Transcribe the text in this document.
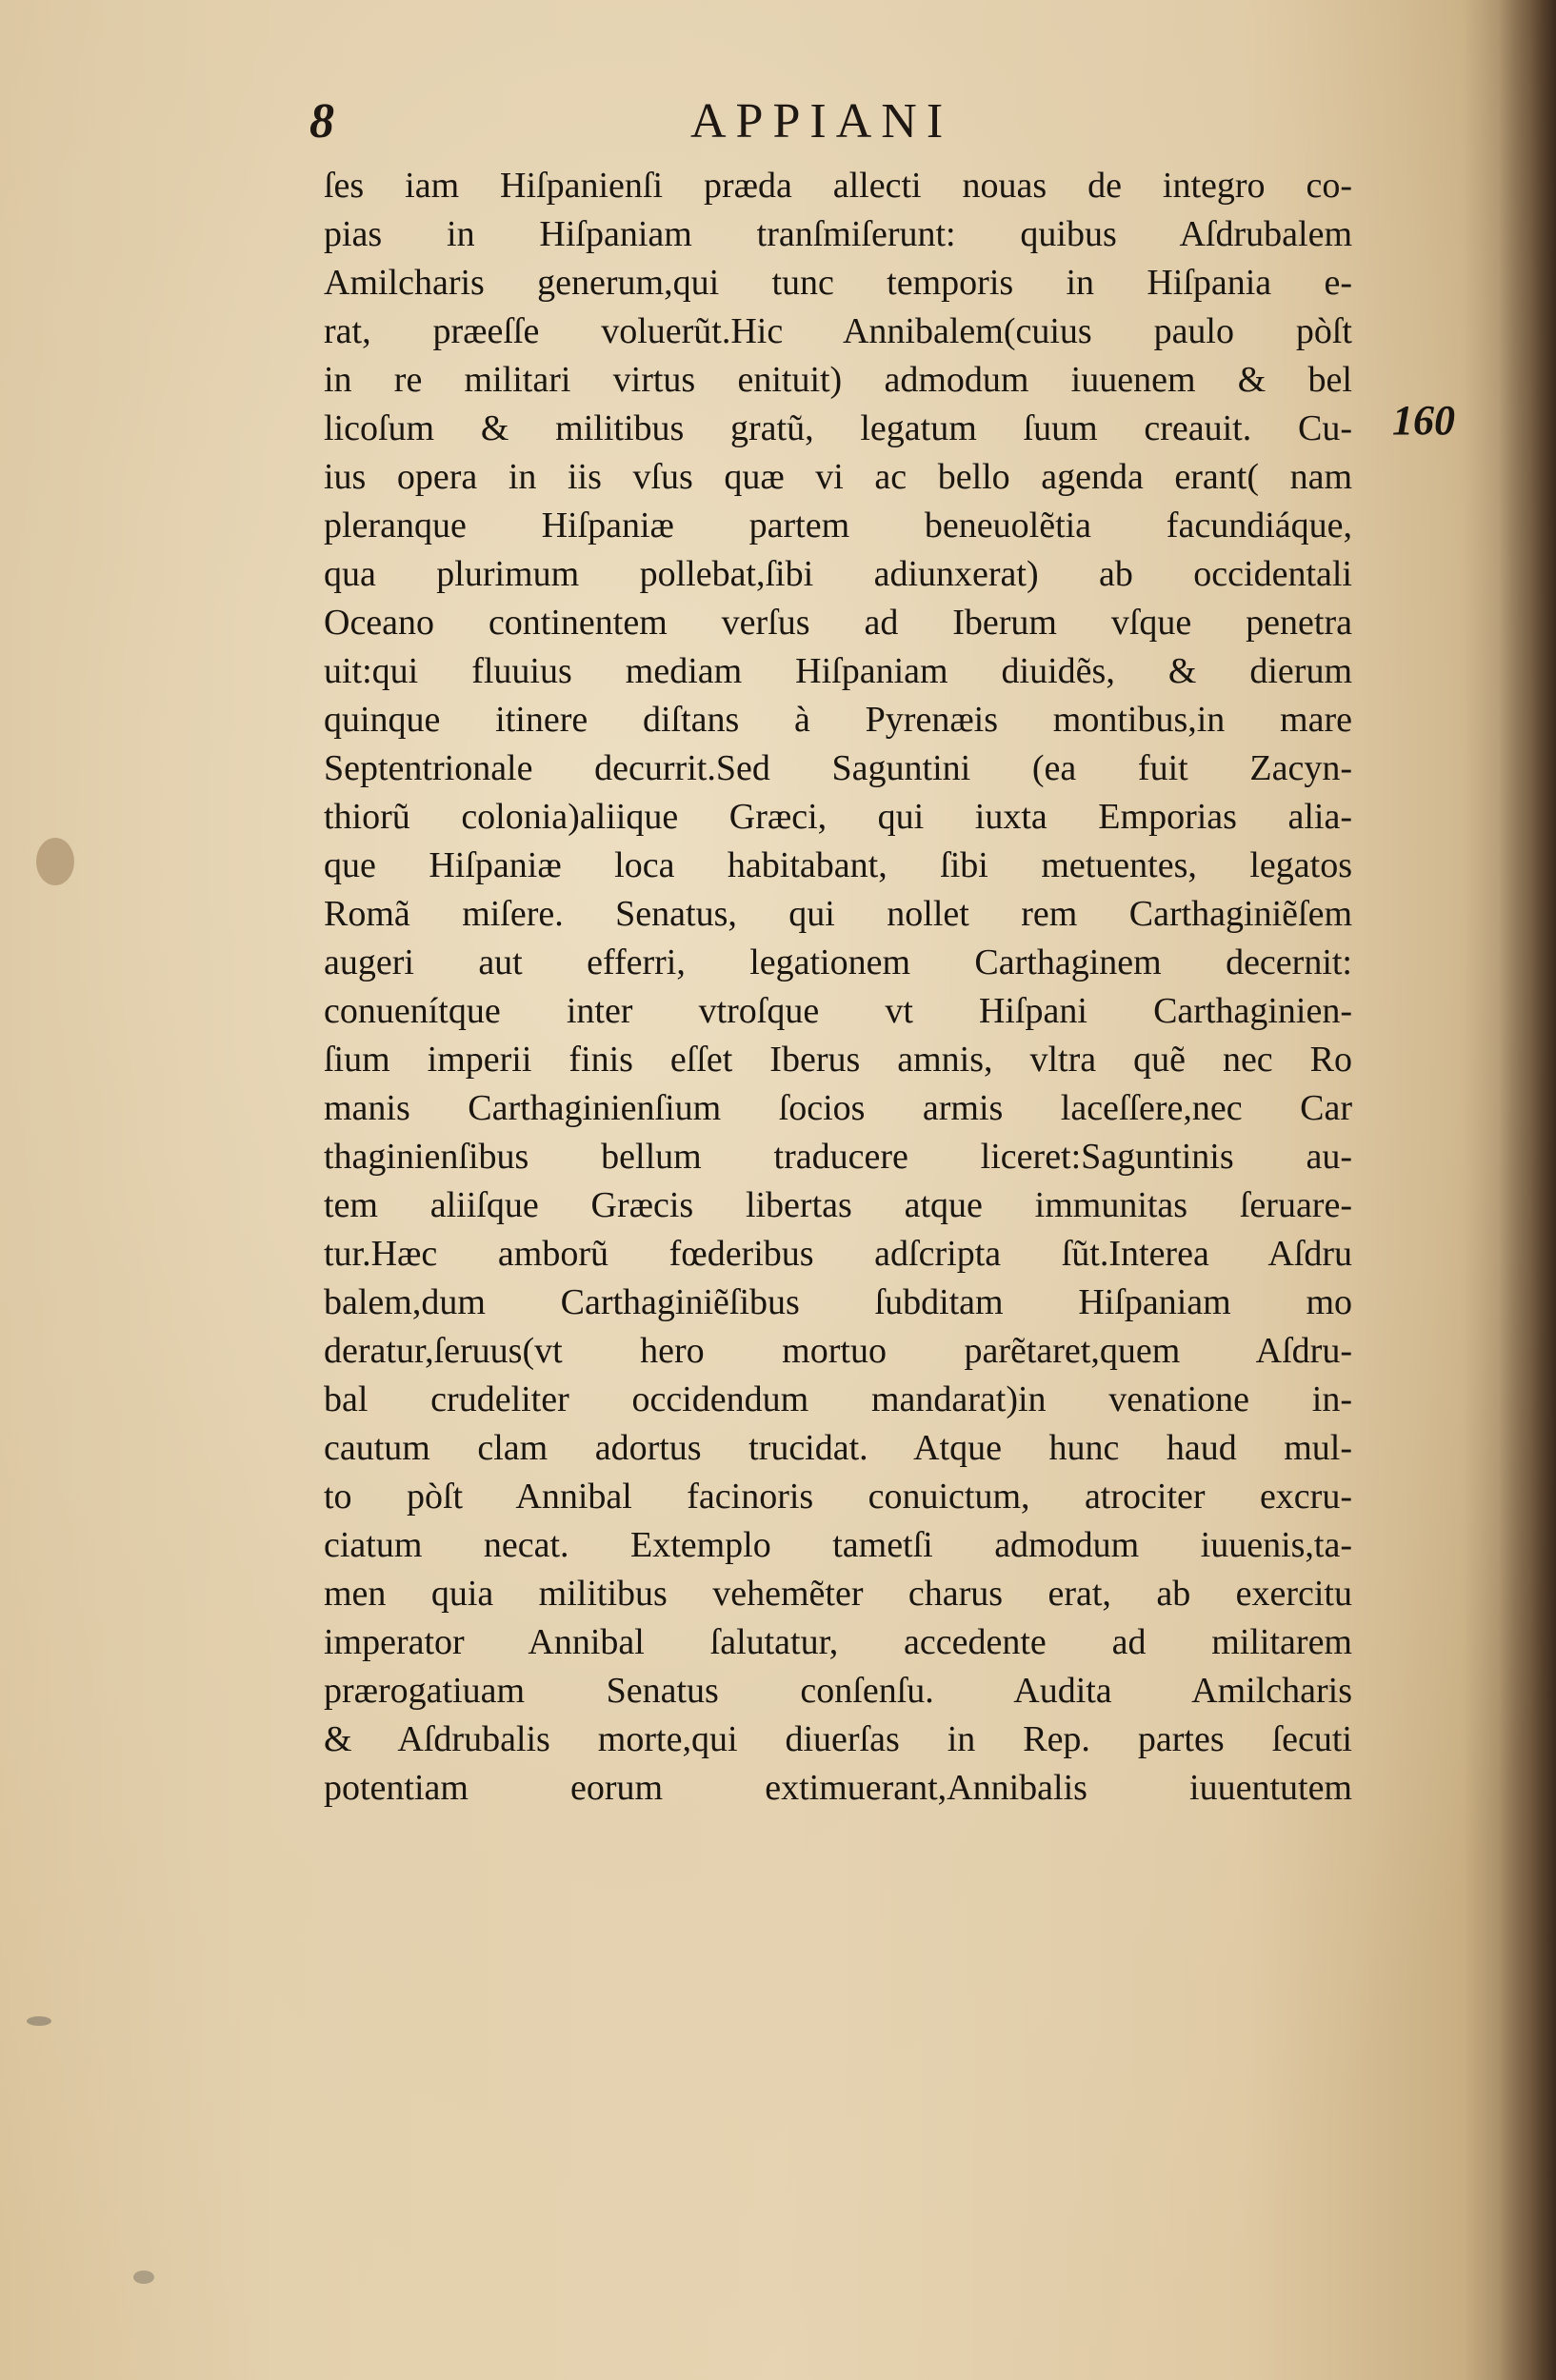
8	APPIANI
160
ſes iam Hiſpanienſi præda allecti nouas de integro co-
pias in Hiſpaniam tranſmiſerunt: quibus Aſdrubalem
Amilcharis generum,qui tunc temporis in Hiſpania e-
rat, præeſſe voluerũt.Hic Annibalem(cuius paulo pòſt
in re militari virtus enituit) admodum iuuenem & bel
licoſum & militibus gratũ, legatum ſuum creauit. Cu-
ius opera in iis vſus quæ vi ac bello agenda erant( nam
pleranque Hiſpaniæ partem beneuolẽtia facundiáque,
qua plurimum pollebat,ſibi adiunxerat) ab occidentali
Oceano continentem verſus ad Iberum vſque penetra
uit:qui fluuius mediam Hiſpaniam diuidẽs, & dierum
quinque itinere diſtans à Pyrenæis montibus,in mare
Septentrionale decurrit.Sed Saguntini (ea fuit Zacyn-
thiorũ colonia)aliique Græci, qui iuxta Emporias alia-
que Hiſpaniæ loca habitabant, ſibi metuentes, legatos
Romã miſere. Senatus, qui nollet rem Carthaginiẽſem
augeri aut efferri, legationem Carthaginem decernit:
conuenítque inter vtroſque vt Hiſpani Carthaginien-
ſium imperii finis eſſet Iberus amnis, vltra quẽ nec Ro
manis Carthaginienſium ſocios armis laceſſere,nec Car
thaginienſibus bellum traducere liceret:Saguntinis au-
tem aliiſque Græcis libertas atque immunitas ſeruare-
tur.Hæc amborũ fœderibus adſcripta ſũt.Interea Aſdru
balem,dum Carthaginiẽſibus ſubditam Hiſpaniam mo
deratur,ſeruus(vt hero mortuo parẽtaret,quem Aſdru-
bal crudeliter occidendum mandarat)in venatione in-
cautum clam adortus trucidat. Atque hunc haud mul-
to pòſt Annibal facinoris conuictum, atrociter excru-
ciatum necat. Extemplo tametſi admodum iuuenis,ta-
men quia militibus vehemẽter charus erat, ab exercitu
imperator Annibal ſalutatur, accedente ad militarem
prærogatiuam Senatus conſenſu. Audita Amilcharis
& Aſdrubalis morte,qui diuerſas in Rep. partes ſecuti
potentiam eorum extimuerant,Annibalis iuuentutem
